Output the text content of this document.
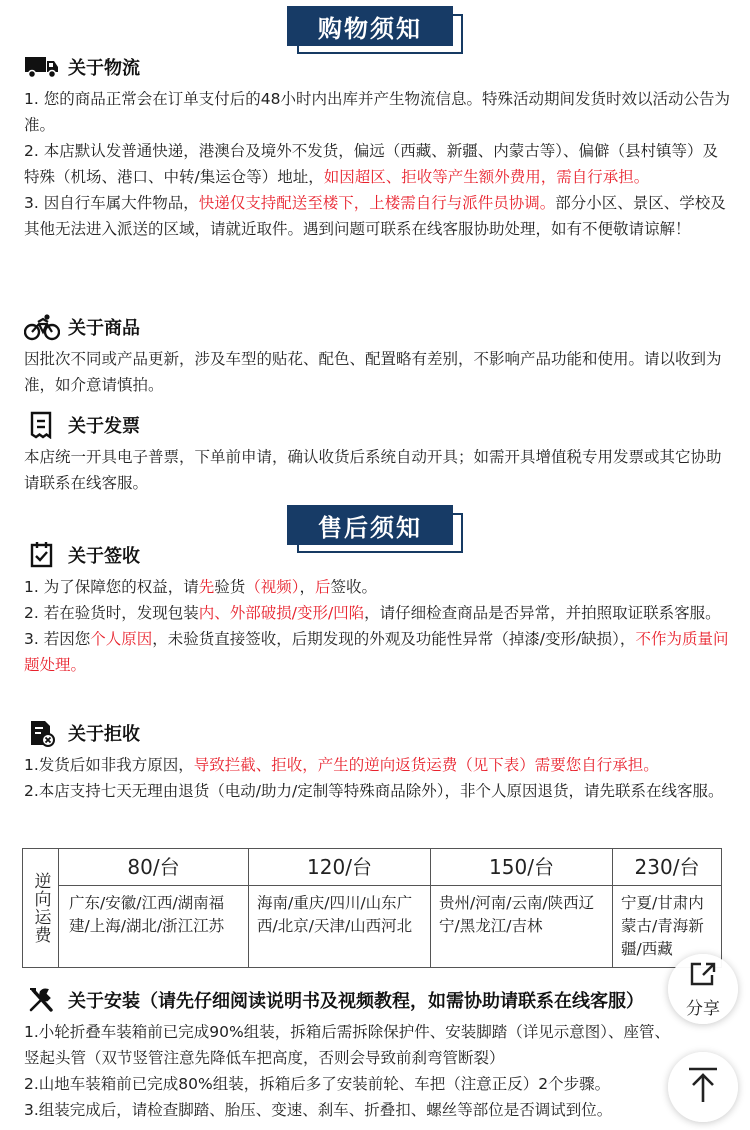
购物须知
关于物流

1. 您的商品正常会在订单支付后的48小时内出库并产生物流信息。特殊活动期间发货时效以活动公告为准。

2. 本店默认发普通快递，港澳台及境外不发货，偏远（西藏、新疆、内蒙古等）、偏僻（县村镇等）及特殊（机场、港口、中转/集运仓等）地址，如因超区、拒收等产生额外费用，需自行承担。

3. 因自行车属大件物品，快递仅支持配送至楼下，上楼需自行与派件员协调。部分小区、景区、学校及其他无法进入派送的区域，请就近取件。遇到问题可联系在线客服协助处理，如有不便敬请谅解！

关于商品

因批次不同或产品更新，涉及车型的贴花、配色、配置略有差别，不影响产品功能和使用。请以收到为准，如介意请慎拍。

关于发票

本店统一开具电子普票，下单前申请，确认收货后系统自动开具；如需开具增值税专用发票或其它协助请联系在线客服。

售后须知
关于签收

1. 为了保障您的权益，请先验货（视频），后签收。

2. 若在验货时，发现包装内、外部破损/变形/凹陷，请仔细检查商品是否异常，并拍照取证联系客服。

3. 若因您个人原因，未验货直接签收，后期发现的外观及功能性异常（掉漆/变形/缺损），不作为质量问题处理。

关于拒收

1.发货后如非我方原因，导致拦截、拒收，产生的逆向返货运费（见下表）需要您自行承担。

2.本店支持七天无理由退货（电动/助力/定制等特殊商品除外），非个人原因退货，请先联系在线客服。

逆向运费	80/台	120/台	150/台	230/台
	广东/安徽/江西/湖南福建/上海/湖北/浙江江苏	海南/重庆/四川/山东广西/北京/天津/山西河北	贵州/河南/云南/陕西辽宁/黑龙江/吉林	宁夏/甘肃内蒙古/青海新疆/西藏
关于安装（请先仔细阅读说明书及视频教程，如需协助请联系在线客服）

1.小轮折叠车装箱前已完成90%组装，拆箱后需拆除保护件、安装脚踏（详见示意图）、座管、竖起头管（双节竖管注意先降低车把高度，否则会导致前刹弯管断裂）

2.山地车装箱前已完成80%组装，拆箱后多了安装前轮、车把（注意正反）2个步骤。

3.组装完成后，请检查脚踏、胎压、变速、刹车、折叠扣、螺丝等部位是否调试到位。

分享
